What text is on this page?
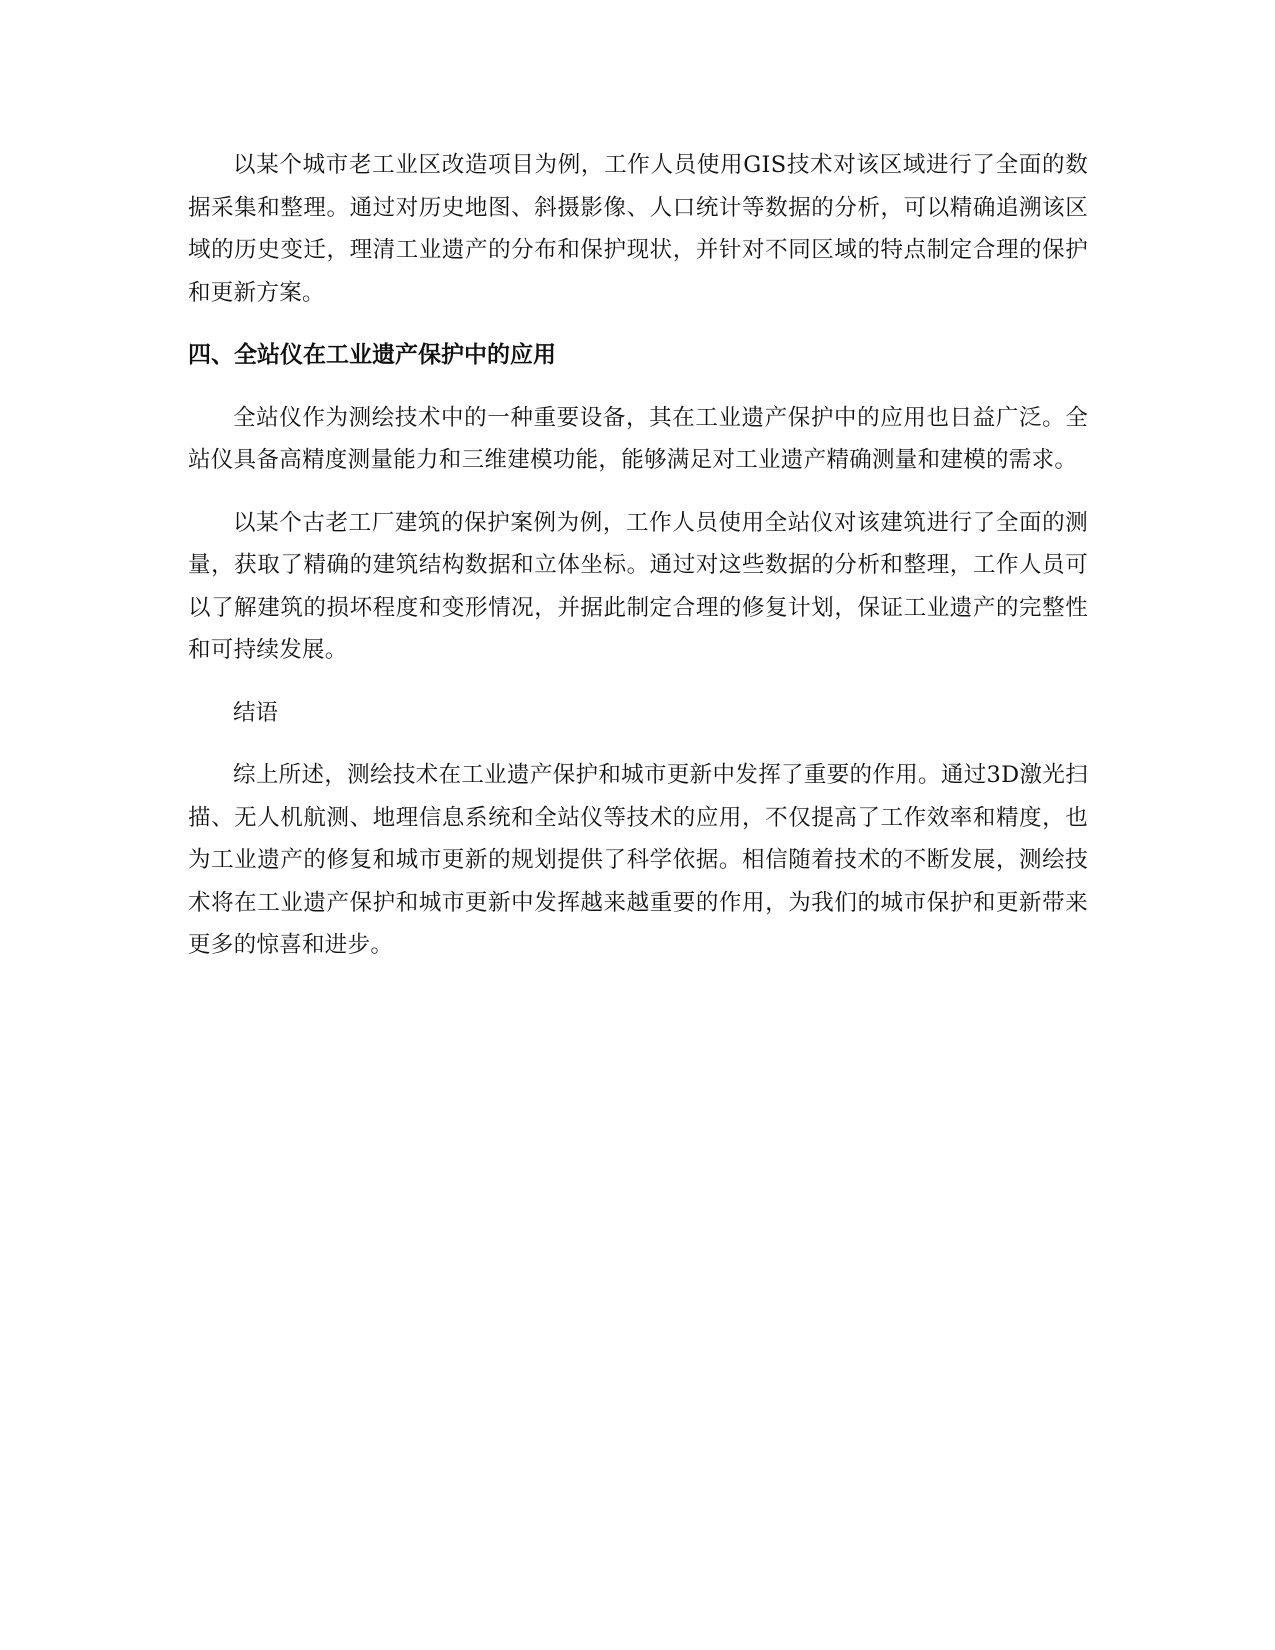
以某个城市老工业区改造项目为例，工作人员使用GIS技术对该区域进行了全面的数据采集和整理。通过对历史地图、斜摄影像、人口统计等数据的分析，可以精确追溯该区域的历史变迁，理清工业遗产的分布和保护现状，并针对不同区域的特点制定合理的保护和更新方案。

四、全站仪在工业遗产保护中的应用

全站仪作为测绘技术中的一种重要设备，其在工业遗产保护中的应用也日益广泛。全站仪具备高精度测量能力和三维建模功能，能够满足对工业遗产精确测量和建模的需求。

以某个古老工厂建筑的保护案例为例，工作人员使用全站仪对该建筑进行了全面的测量，获取了精确的建筑结构数据和立体坐标。通过对这些数据的分析和整理，工作人员可以了解建筑的损坏程度和变形情况，并据此制定合理的修复计划，保证工业遗产的完整性和可持续发展。

结语

综上所述，测绘技术在工业遗产保护和城市更新中发挥了重要的作用。通过3D激光扫描、无人机航测、地理信息系统和全站仪等技术的应用，不仅提高了工作效率和精度，也为工业遗产的修复和城市更新的规划提供了科学依据。相信随着技术的不断发展，测绘技术将在工业遗产保护和城市更新中发挥越来越重要的作用，为我们的城市保护和更新带来更多的惊喜和进步。
